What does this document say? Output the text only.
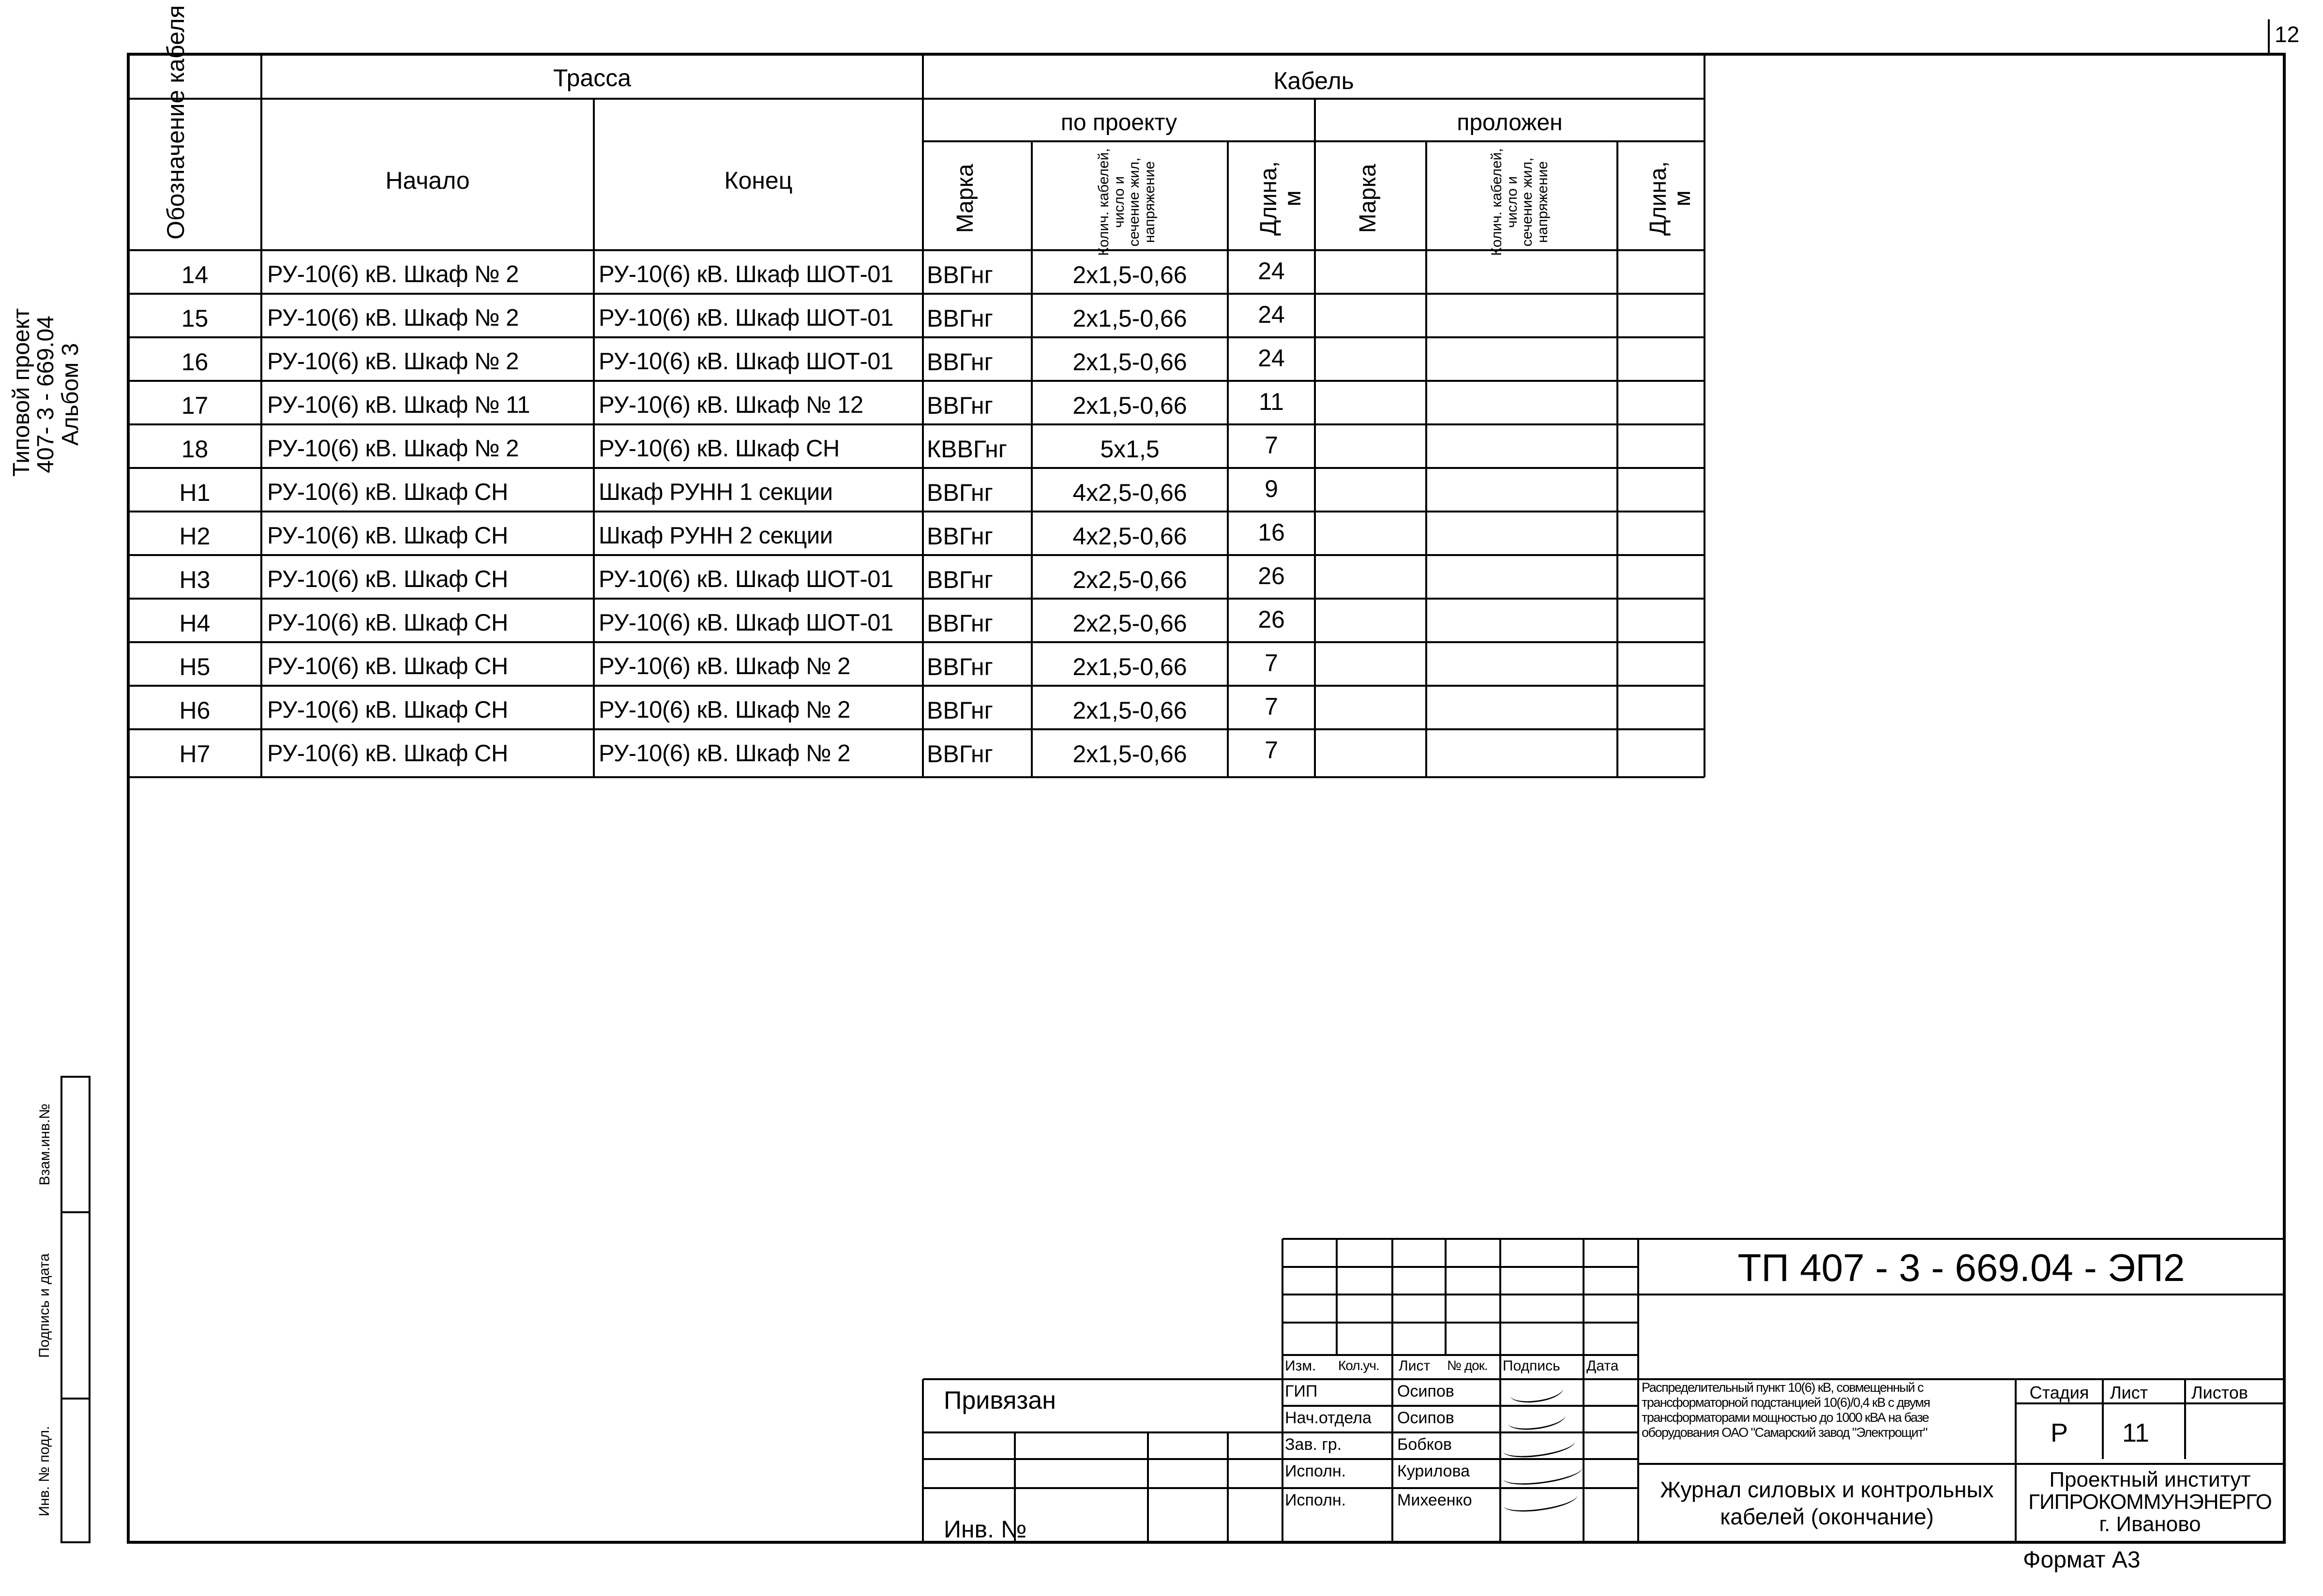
12
Типовой проект
407- 3 - 669.04
Альбом 3
Инв. № подл.
Подпись и дата
Взам.инв.№
Обозначение кабеля	Трасса
Начало	Конец
Кабель
по проекту	проложен
Марка	Колич. кабелей, число и сечение жил, напряжение	Длина, м Марка	Колич. кабелей, число и сечение жил, напряжение	Длина, м
14	РУ-10(6) кВ. Шкаф № 2	РУ-10(6) кВ. Шкаф ШОТ-01	ВВГнг	2х1,5-0,66	24
15	РУ-10(6) кВ. Шкаф № 2	РУ-10(6) кВ. Шкаф ШОТ-01	ВВГнг	2х1,5-0,66	24
16	РУ-10(6) кВ. Шкаф № 2	РУ-10(6) кВ. Шкаф ШОТ-01	ВВГнг	2х1,5-0,66	24
17	РУ-10(6) кВ. Шкаф № 11	РУ-10(6) кВ. Шкаф № 12	ВВГнг	2х1,5-0,66	11
18	РУ-10(6) кВ. Шкаф № 2	РУ-10(6) кВ. Шкаф СН	КВВГнг	5х1,5	7
Н1	РУ-10(6) кВ. Шкаф СН	Шкаф РУНН 1 секции	ВВГнг	4х2,5-0,66	9
Н2	РУ-10(6) кВ. Шкаф СН	Шкаф РУНН 2 секции	ВВГнг	4х2,5-0,66	16
Н3	РУ-10(6) кВ. Шкаф СН	РУ-10(6) кВ. Шкаф ШОТ-01	ВВГнг	2х2,5-0,66	26
Н4	РУ-10(6) кВ. Шкаф СН	РУ-10(6) кВ. Шкаф ШОТ-01	ВВГнг	2х2,5-0,66	26
Н5	РУ-10(6) кВ. Шкаф СН	РУ-10(6) кВ. Шкаф № 2	ВВГнг	2х1,5-0,66	7
Н6	РУ-10(6) кВ. Шкаф СН	РУ-10(6) кВ. Шкаф № 2	ВВГнг	2х1,5-0,66	7
Н7	РУ-10(6) кВ. Шкаф СН	РУ-10(6) кВ. Шкаф № 2	ВВГнг	2х1,5-0,66	7
ТП 407 - 3 - 669.04 - ЭП2
Изм.	Кол.уч.	Лист	№ док.	Подпись	Дата
ГИП	Осипов
Нач.отдела Осипов
Зав. гр.	Бобков
Исполн.	Курилова
Исполн.	Михеенко
Привязан
Инв. №
Распределительный пункт 10(6) кВ, совмещенный с
трансформаторной подстанцией 10(6)/0,4 кВ с двумя
трансформаторами мощностью до 1000 кВА на базе
оборудования ОАО "Самарский завод "Электрощит"
Стадия	Лист Листов
Р	11
Журнал силовых и контрольных
кабелей (окончание)
Проектный институт
ГИПРОКОММУНЭНЕРГО
г. Иваново
Формат А3
